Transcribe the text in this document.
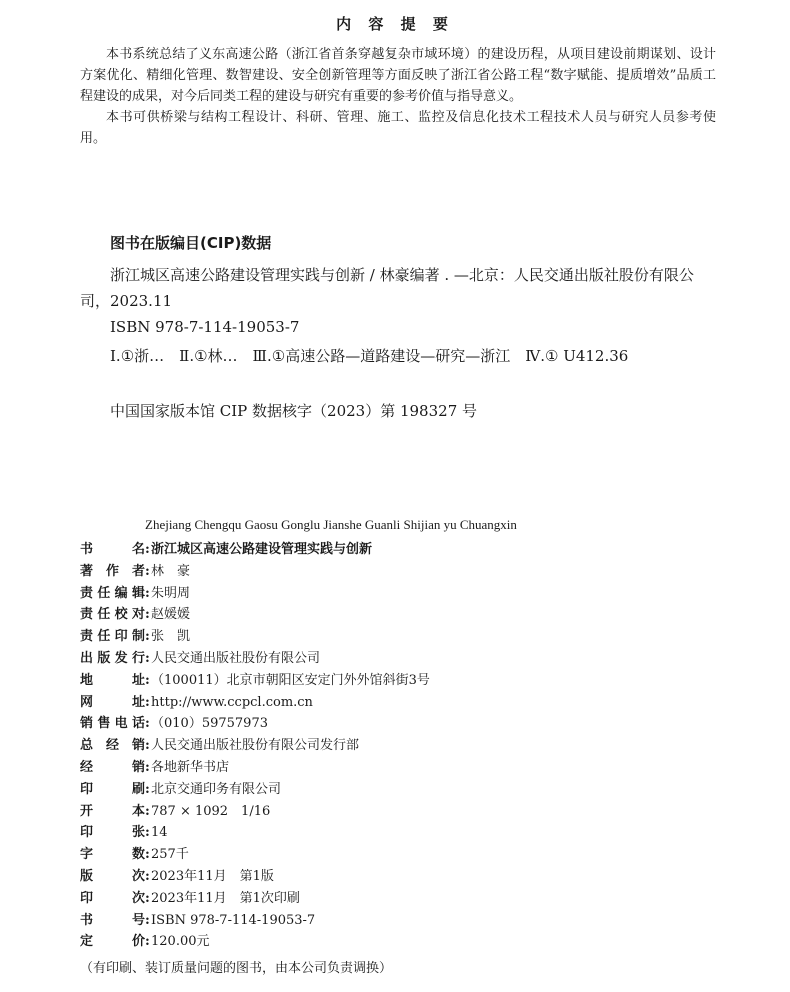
内 容 提 要

本书系统总结了义东高速公路（浙江省首条穿越复杂市域环境）的建设历程，从项目建设前期谋划、设计方案优化、精细化管理、数智建设、安全创新管理等方面反映了浙江省公路工程“数字赋能、提质增效”品质工程建设的成果，对今后同类工程的建设与研究有重要的参考价值与指导意义。

本书可供桥梁与结构工程设计、科研、管理、施工、监控及信息化技术工程技术人员与研究人员参考使用。

图书在版编目(CIP)数据

浙江城区高速公路建设管理实践与创新 / 林豪编著 . —北京：人民交通出版社股份有限公司，2023.11

ISBN 978-7-114-19053-7

Ⅰ.①浙…　Ⅱ.①林…　Ⅲ.①高速公路—道路建设—研究—浙江　Ⅳ.① U412.36

中国国家版本馆 CIP 数据核字（2023）第 198327 号

Zhejiang Chengqu Gaosu Gonglu Jianshe Guanli Shijian yu Chuangxin
书名 : 浙江城区高速公路建设管理实践与创新
著作者 : 林　豪
责任编辑 : 朱明周
责任校对 : 赵媛媛
责任印制 : 张　凯
出版发行 : 人民交通出版社股份有限公司
地址 : （100011）北京市朝阳区安定门外外馆斜街3号
网址 : http://www.ccpcl.com.cn
销售电话 : （010）59757973
总经销 : 人民交通出版社股份有限公司发行部
经销 : 各地新华书店
印刷 : 北京交通印务有限公司
开本 : 787 × 1092　1/16
印张 : 14
字数 : 257千
版次 : 2023年11月　第1版
印次 : 2023年11月　第1次印刷
书号 : ISBN 978-7-114-19053-7
定价 : 120.00元
（有印刷、装订质量问题的图书，由本公司负责调换）
